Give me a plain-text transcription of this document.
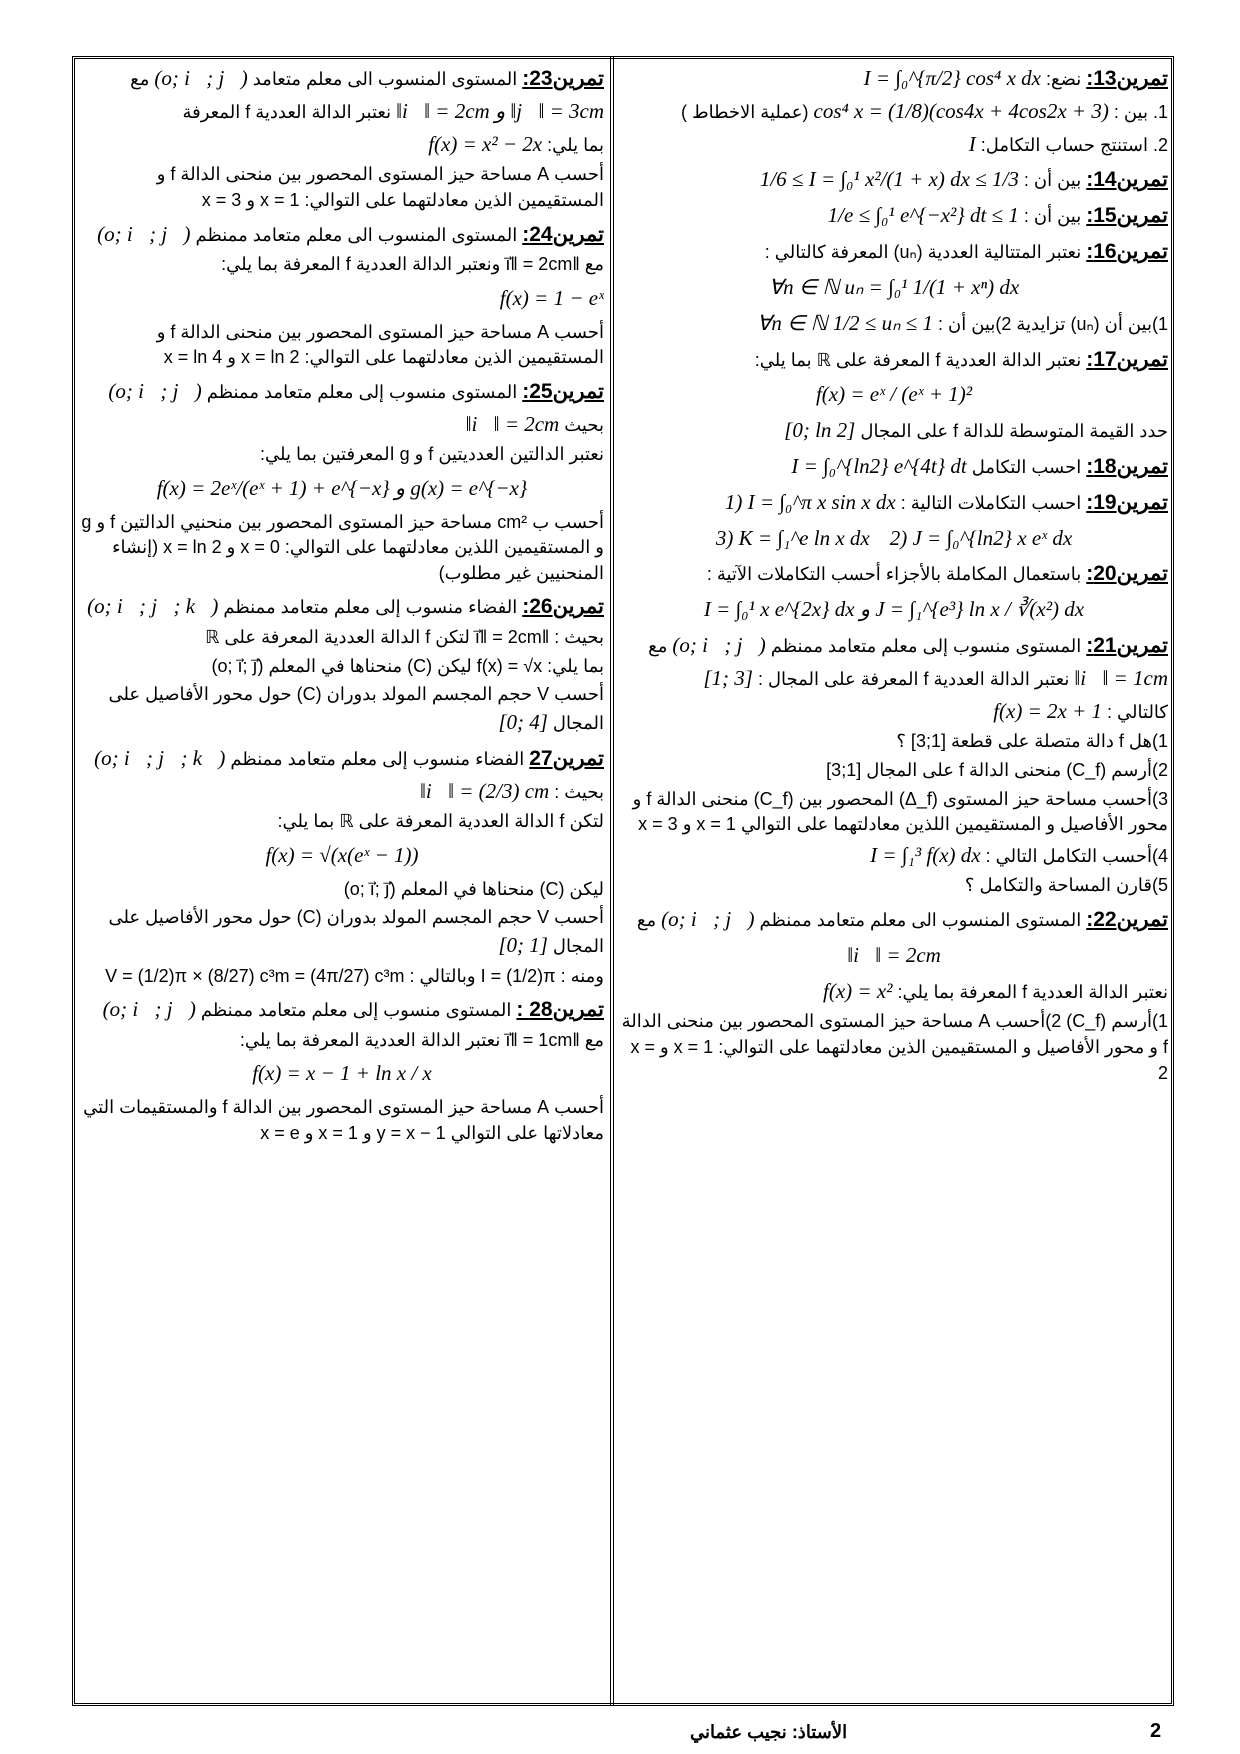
تمرين13: نضع: I = ∫₀^{π/2} cos⁴ x dx
1. بين : cos⁴ x = (1/8)(cos4x + 4cos2x + 3) (عملية الاخطاط )
2. استنتج حساب التكامل: I
تمرين14: بين أن : 1/6 ≤ I = ∫₀¹ x²/(1 + x) dx ≤ 1/3
تمرين15: بين أن : 1/e ≤ ∫₀¹ e^{−x²} dt ≤ 1
تمرين16: نعتبر المتتالية العددية (uₙ) المعرفة كالتالي :
∀n ∈ ℕ uₙ = ∫₀¹ 1/(1 + xⁿ) dx
1)بين أن (uₙ) تزايدية 2)بين أن : ∀n ∈ ℕ 1/2 ≤ uₙ ≤ 1
تمرين17: نعتبر الدالة العددية f المعرفة على ℝ بما يلي:
f(x) = eˣ / (eˣ + 1)²
حدد القيمة المتوسطة للدالة f على المجال [0; ln 2]
تمرين18: احسب التكامل I = ∫₀^{ln2} e^{4t} dt
تمرين19: احسب التكاملات التالية : 1) I = ∫₀^π x sin x dx
2) J = ∫₀^{ln2} x eˣ dx    3) K = ∫₁^e ln x dx
تمرين20: باستعمال المكاملة بالأجزاء أحسب التكاملات الآتية :
I = ∫₀¹ x e^{2x} dx و J = ∫₁^{e³} ln x / ∛(x²) dx
تمرين21: المستوى منسوب إلى معلم متعامد ممنظم (o; i⃗; j⃗) مع
‖i⃗‖ = 1cm نعتبر الدالة العددية f المعرفة على المجال : [1; 3]
كالتالي : f(x) = 2x + 1
1)هل f دالة متصلة على قطعة [1;3] ؟
2)أرسم (C_f) منحنى الدالة f على المجال [1;3]
3)أحسب مساحة حيز المستوى (Δ_f) المحصور بين (C_f) منحنى الدالة f و محور الأفاصيل و المستقيمين اللذين معادلتهما على التوالي x = 1 و x = 3
4)أحسب التكامل التالي : I = ∫₁³ f(x) dx
5)قارن المساحة والتكامل ؟
تمرين22: المستوى المنسوب الى معلم متعامد ممنظم (o; i⃗; j⃗) مع
‖i⃗‖ = 2cm
نعتبر الدالة العددية f المعرفة بما يلي: f(x) = x²
1)أرسم (C_f) 2)أحسب A مساحة حيز المستوى المحصور بين منحنى الدالة f و محور الأفاصيل و المستقيمين الذين معادلتهما على التوالي: x = 1 و x = 2
تمرين23: المستوى المنسوب الى معلم متعامد (o; i⃗; j⃗) مع
‖i⃗‖ = 2cm و ‖j⃗‖ = 3cm نعتبر الدالة العددية f المعرفة
بما يلي: f(x) = x² − 2x
أحسب A مساحة حيز المستوى المحصور بين منحنى الدالة f و المستقيمين الذين معادلتهما على التوالي: x = 1 و x = 3
تمرين24: المستوى المنسوب الى معلم متعامد ممنظم (o; i⃗; j⃗)
مع ‖i⃗‖ = 2cm ونعتبر الدالة العددية f المعرفة بما يلي:
f(x) = 1 − eˣ
أحسب A مساحة حيز المستوى المحصور بين منحنى الدالة f و المستقيمين الذين معادلتهما على التوالي: x = ln 2 و x = ln 4
تمرين25: المستوى منسوب إلى معلم متعامد ممنظم (o; i⃗; j⃗)
بحيث ‖i⃗‖ = 2cm
نعتبر الدالتين العدديتين f و g المعرفتين بما يلي:
f(x) = 2eˣ/(eˣ + 1) + e^{−x} و g(x) = e^{−x}
أحسب ب cm² مساحة حيز المستوى المحصور بين منحنيي الدالتين f و g و المستقيمين اللذين معادلتهما على التوالي: x = 0 و x = ln 2 (إنشاء المنحنيين غير مطلوب)
تمرين26: الفضاء منسوب إلى معلم متعامد ممنظم (o; i⃗; j⃗; k⃗)
بحيث : ‖i⃗‖ = 2cm لتكن f الدالة العددية المعرفة على ℝ
بما يلي: f(x) = √x ليكن (C) منحناها في المعلم (o; i⃗; j⃗)
أحسب V حجم المجسم المولد بدوران (C) حول محور الأفاصيل على المجال [0; 4]
تمرين27 الفضاء منسوب إلى معلم متعامد ممنظم (o; i⃗; j⃗; k⃗)
بحيث : ‖i⃗‖ = (2/3) cm
لتكن f الدالة العددية المعرفة على ℝ بما يلي:
f(x) = √(x(eˣ − 1))
ليكن (C) منحناها في المعلم (o; i⃗; j⃗)
أحسب V حجم المجسم المولد بدوران (C) حول محور الأفاصيل على المجال [0; 1]
ومنه : I = (1/2)π وبالتالي : V = (1/2)π × (8/27) c³m = (4π/27) c³m
تمرين28 : المستوى منسوب إلى معلم متعامد ممنظم (o; i⃗; j⃗)
مع ‖i⃗‖ = 1cm نعتبر الدالة العددية المعرفة بما يلي:
f(x) = x − 1 + ln x / x
أحسب A مساحة حيز المستوى المحصور بين الدالة f والمستقيمات التي معادلاتها على التوالي y = x − 1 و x = 1 و x = e
الأستاذ: نجيب عثماني	2
